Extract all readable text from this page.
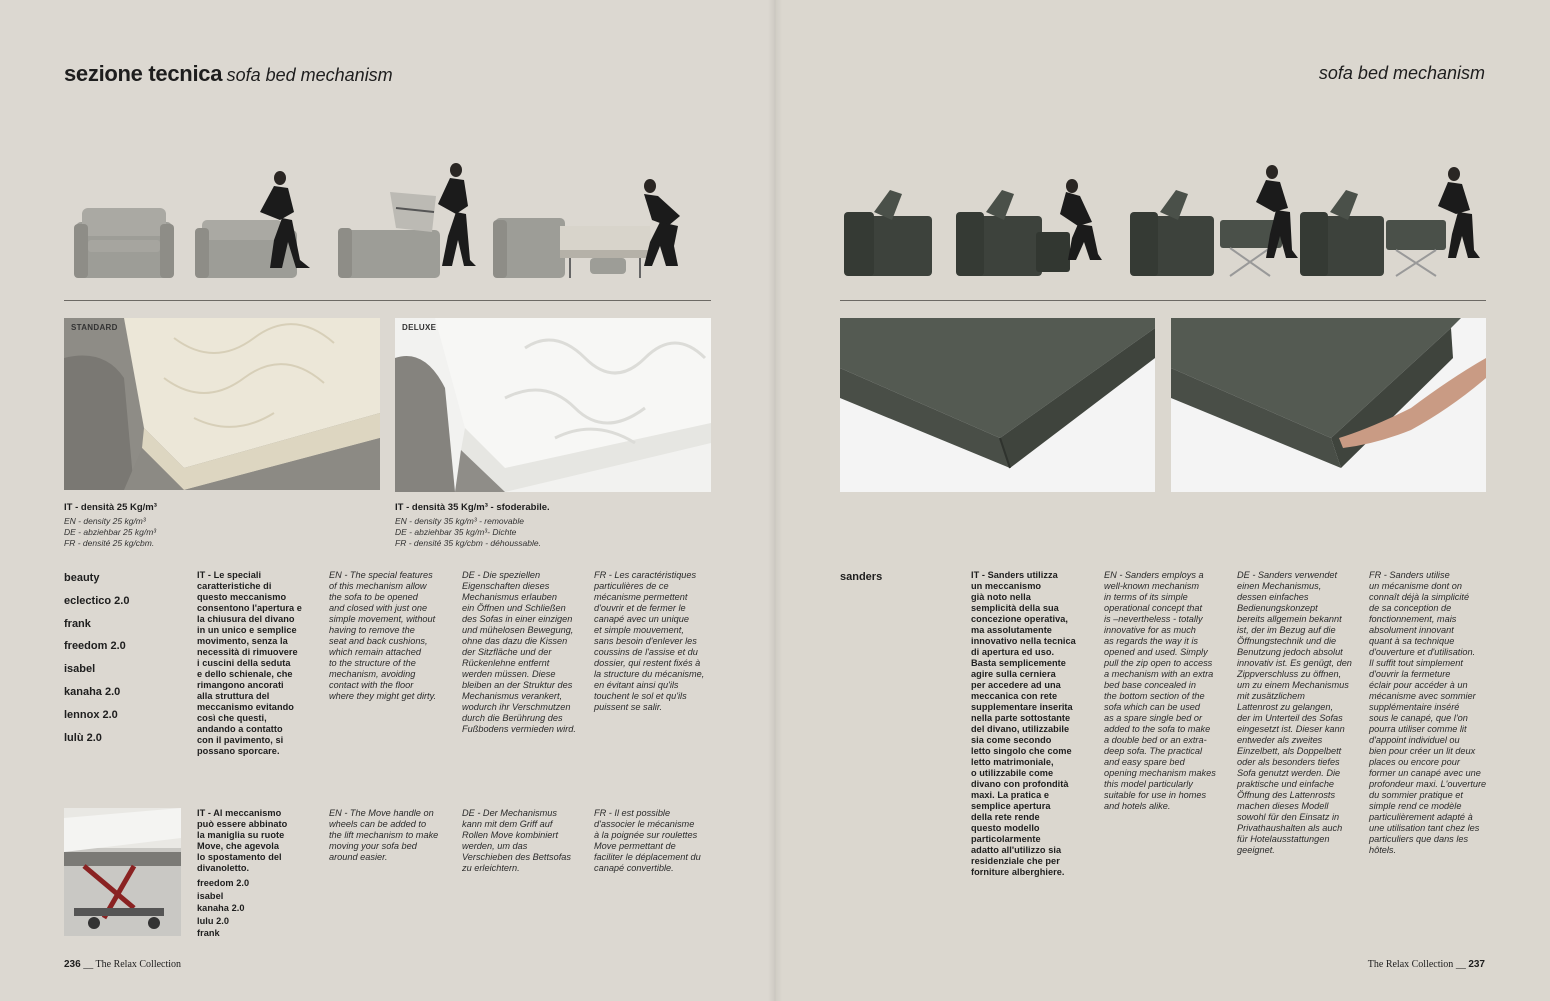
sezione tecnica sofa bed mechanism
STANDARD	DELUXE
IT - densità 25 Kg/m³
EN - density 25 kg/m³
DE - abziehbar 25 kg/m³
FR - densité 25 kg/cbm.
IT - densità 35 Kg/m³ - sfoderabile.
EN - density 35 kg/m³ - removable
DE - abziehbar 35 kg/m³- Dichte
FR - densité 35 kg/cbm - déhoussable.
beauty
eclectico 2.0
frank
freedom 2.0
isabel
kanaha 2.0
lennox 2.0
lulù 2.0
IT - Le speciali
caratteristiche di
questo meccanismo
consentono l'apertura e
la chiusura del divano
in un unico e semplice
movimento, senza la
necessità di rimuovere
i cuscini della seduta
e dello schienale, che
rimangono ancorati
alla struttura del
meccanismo evitando
così che questi,
andando a contatto
con il pavimento, si
possano sporcare.
EN - The special features
of this mechanism allow
the sofa to be opened
and closed with just one
simple movement, without
having to remove the
seat and back cushions,
which remain attached
to the structure of the
mechanism, avoiding
contact with the floor
where they might get dirty.
DE - Die speziellen
Eigenschaften dieses
Mechanismus erlauben
ein Öffnen und Schließen
des Sofas in einer einzigen
und mühelosen Bewegung,
ohne das dazu die Kissen
der Sitzfläche und der
Rückenlehne entfernt
werden müssen. Diese
bleiben an der Struktur des
Mechanismus verankert,
wodurch ihr Verschmutzen
durch die Berührung des
Fußbodens vermieden wird.
FR - Les caractéristiques
particulières de ce
mécanisme permettent
d'ouvrir et de fermer le
canapé avec un unique
et simple mouvement,
sans besoin d'enlever les
coussins de l'assise et du
dossier, qui restent fixés à
la structure du mécanisme,
en évitant ainsi qu'ils
touchent le sol et qu'ils
puissent se salir.
IT - Al meccanismo
può essere abbinato
la maniglia su ruote
Move, che agevola
lo spostamento del
divanoletto.
freedom 2.0
isabel
kanaha 2.0
lulu 2.0
frank
EN - The Move handle on
wheels can be added to
the lift mechanism to make
moving your sofa bed
around easier.
DE - Der Mechanismus
kann mit dem Griff auf
Rollen Move kombiniert
werden, um das
Verschieben des Bettsofas
zu erleichtern.
FR - Il est possible
d'associer le mécanisme
à la poignée sur roulettes
Move permettant de
faciliter le déplacement du
canapé convertible.
236 __ The Relax Collection
sofa bed mechanism
sanders	IT - Sanders utilizza
un meccanismo
già noto nella
semplicità della sua
concezione operativa,
ma assolutamente
innovativo nella tecnica
di apertura ed uso.
Basta semplicemente
agire sulla cerniera
per accedere ad una
meccanica con rete
supplementare inserita
nella parte sottostante
del divano, utilizzabile
sia come secondo
letto singolo che come
letto matrimoniale,
o utilizzabile come
divano con profondità
maxi. La pratica e
semplice apertura
della rete rende
questo modello
particolarmente
adatto all'utilizzo sia
residenziale che per
forniture alberghiere.
EN - Sanders employs a
well-known mechanism
in terms of its simple
operational concept that
is –nevertheless - totally
innovative for as much
as regards the way it is
opened and used. Simply
pull the zip open to access
a mechanism with an extra
bed base concealed in
the bottom section of the
sofa which can be used
as a spare single bed or
added to the sofa to make
a double bed or an extra-
deep sofa. The practical
and easy spare bed
opening mechanism makes
this model particularly
suitable for use in homes
and hotels alike.
DE - Sanders verwendet
einen Mechanismus,
dessen einfaches
Bedienungskonzept
bereits allgemein bekannt
ist, der im Bezug auf die
Öffnungstechnik und die
Benutzung jedoch absolut
innovativ ist. Es genügt, den
Zippverschluss zu öffnen,
um zu einem Mechanismus
mit zusätzlichem
Lattenrost zu gelangen,
der im Unterteil des Sofas
eingesetzt ist. Dieser kann
entweder als zweites
Einzelbett, als Doppelbett
oder als besonders tiefes
Sofa genutzt werden. Die
praktische und einfache
Öffnung des Lattenrosts
machen dieses Modell
sowohl für den Einsatz in
Privathaushalten als auch
für Hotelausstattungen
geeignet.
FR - Sanders utilise
un mécanisme dont on
connaît déjà la simplicité
de sa conception de
fonctionnement, mais
absolument innovant
quant à sa technique
d'ouverture et d'utilisation.
Il suffit tout simplement
d'ouvrir la fermeture
éclair pour accéder à un
mécanisme avec sommier
supplémentaire inséré
sous le canapé, que l'on
pourra utiliser comme lit
d'appoint individuel ou
bien pour créer un lit deux
places ou encore pour
former un canapé avec une
profondeur maxi. L'ouverture
du sommier pratique et
simple rend ce modèle
particulièrement adapté à
une utilisation tant chez les
particuliers que dans les
hôtels.
The Relax Collection __ 237
